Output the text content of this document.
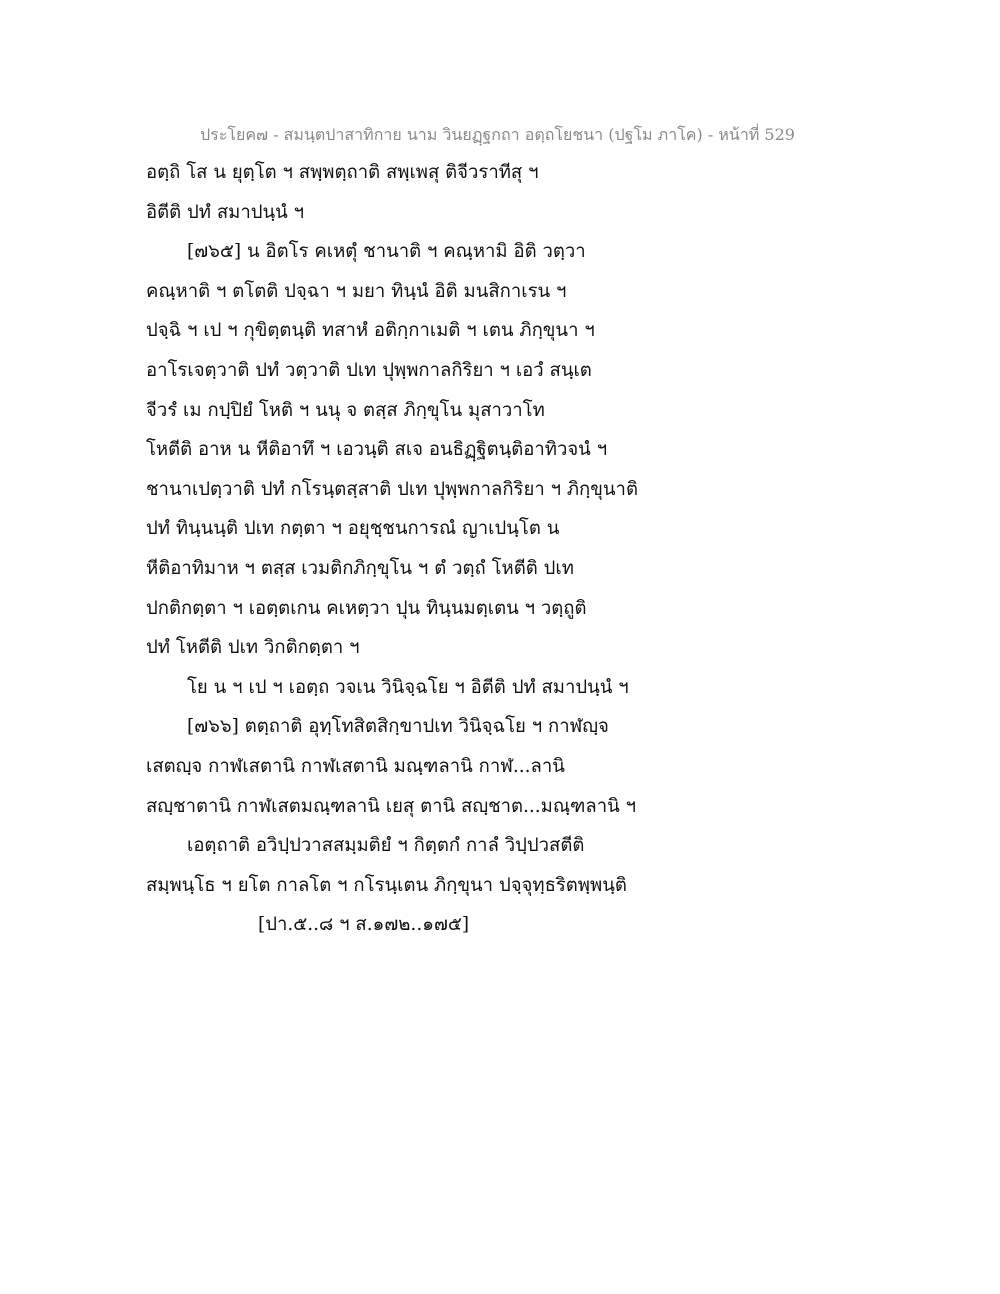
ประโยค๗ - สมนฺตปาสาทิกาย นาม วินยฏฺฐกถา อตฺถโยชนา (ปฐโม ภาโค) - หน้าที่ 529
อตฺถิ โส น ยุตฺโต ฯ สพฺพตฺถาติ สพฺเพสุ ติจีวราทีสุ ฯ
อิตีติ ปทํ สมาปนฺนํ ฯ
[๗๖๕] น อิตโร คเหตุํ ชานาติ ฯ คณฺหามิ อิติ วตฺวา
คณฺหาติ ฯ ตโตติ ปจฺฉา ฯ มยา ทินฺนํ อิติ มนสิกาเรน ฯ
ปจฺฉิ ฯ เป ฯ กุขิตฺตนฺติ ทสาหํ อติกฺกาเมติ ฯ เตน ภิกฺขุนา ฯ
อาโรเจตฺวาติ ปทํ วตฺวาติ ปเท ปุพฺพกาลกิริยา ฯ เอวํ สนฺเต
จีวรํ เม กปฺปิยํ โหติ ฯ นนุ จ ตสฺส ภิกฺขุโน มุสาวาโท
โหตีติ อาห น หีติอาทึ ฯ เอวนฺติ สเจ อนธิฏฺฐิตนฺติอาทิวจนํ ฯ
ชานาเปตฺวาติ ปทํ กโรนฺตสฺสาติ ปเท ปุพฺพกาลกิริยา ฯ ภิกฺขุนาติ
ปทํ ทินฺนนฺติ ปเท กตฺตา ฯ อยุชฺชนการณํ ญาเปนฺโต น
หีติอาทิมาห ฯ ตสฺส เวมติกภิกฺขุโน ฯ ตํ วตฺถํ โหตีติ ปเท
ปกติกตฺตา ฯ เอตฺตเกน คเหตฺวา ปุน ทินฺนมตฺเตน ฯ วตฺถูติ
ปทํ โหตีติ ปเท วิกติกตฺตา ฯ
โย น ฯ เป ฯ เอตฺถ วจเน วินิจฺฉโย ฯ อิตีติ ปทํ สมาปนฺนํ ฯ
[๗๖๖] ตตฺถาติ อุทฺโทสิตสิกฺขาปเท วินิจฺฉโย ฯ กาฬญฺจ
เสตญฺจ กาฬเสตานิ กาฬเสตานิ มณฺฑลานิ กาฬ...ลานิ
สญฺชาตานิ กาฬเสตมณฺฑลานิ เยสุ ตานิ สญฺชาต...มณฺฑลานิ ฯ
เอตฺถาติ อวิปฺปวาสสมฺมติยํ ฯ กิตฺตกํ กาลํ วิปฺปวสตีติ
สมฺพนฺโธ ฯ ยโต กาลโต ฯ กโรนฺเตน ภิกฺขุนา ปจฺจุทฺธริตพฺพนฺติ
[ปา.๕..๘ ฯ ส.๑๗๒..๑๗๕]
